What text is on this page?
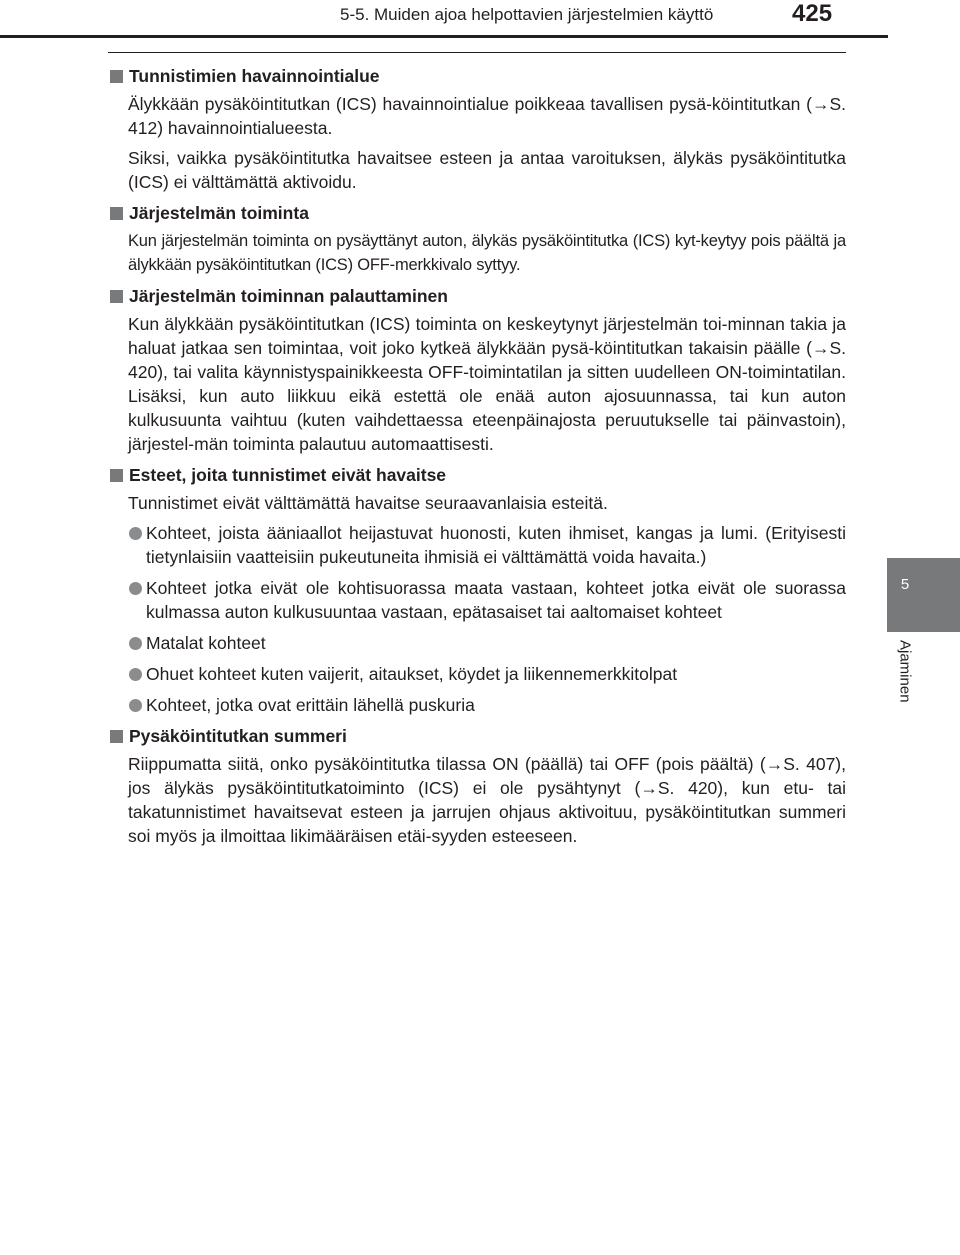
5-5. Muiden ajoa helpottavien järjestelmien käyttö	425
5
Ajaminen
Tunnistimien havainnointialue

Älykkään pysäköintitutkan (ICS) havainnointialue poikkeaa tavallisen pysä-köintitutkan (→S. 412) havainnointialueesta.

Siksi, vaikka pysäköintitutka havaitsee esteen ja antaa varoituksen, älykäs pysäköintitutka (ICS) ei välttämättä aktivoidu.

Järjestelmän toiminta

Kun järjestelmän toiminta on pysäyttänyt auton, älykäs pysäköintitutka (ICS) kyt-keytyy pois päältä ja älykkään pysäköintitutkan (ICS) OFF-merkkivalo syttyy.

Järjestelmän toiminnan palauttaminen

Kun älykkään pysäköintitutkan (ICS) toiminta on keskeytynyt järjestelmän toi-minnan takia ja haluat jatkaa sen toimintaa, voit joko kytkeä älykkään pysä-köintitutkan takaisin päälle (→S. 420), tai valita käynnistyspainikkeesta OFF-toimintatilan ja sitten uudelleen ON-toimintatilan. Lisäksi, kun auto liikkuu eikä estettä ole enää auton ajosuunnassa, tai kun auton kulkusuunta vaihtuu (kuten vaihdettaessa eteenpäinajosta peruutukselle tai päinvastoin), järjestel-män toiminta palautuu automaattisesti.

Esteet, joita tunnistimet eivät havaitse

Tunnistimet eivät välttämättä havaitse seuraavanlaisia esteitä.

Kohteet, joista ääniaallot heijastuvat huonosti, kuten ihmiset, kangas ja lumi. (Erityisesti tietynlaisiin vaatteisiin pukeutuneita ihmisiä ei välttämättä voida havaita.)
Kohteet jotka eivät ole kohtisuorassa maata vastaan, kohteet jotka eivät ole suorassa kulmassa auton kulkusuuntaa vastaan, epätasaiset tai aaltomaiset kohteet
Matalat kohteet
Ohuet kohteet kuten vaijerit, aitaukset, köydet ja liikennemerkkitolpat
Kohteet, jotka ovat erittäin lähellä puskuria
Pysäköintitutkan summeri

Riippumatta siitä, onko pysäköintitutka tilassa ON (päällä) tai OFF (pois päältä) (→S. 407), jos älykäs pysäköintitutkatoiminto (ICS) ei ole pysähtynyt (→S. 420), kun etu- tai takatunnistimet havaitsevat esteen ja jarrujen ohjaus aktivoituu, pysäköintitutkan summeri soi myös ja ilmoittaa likimääräisen etäi-syyden esteeseen.
